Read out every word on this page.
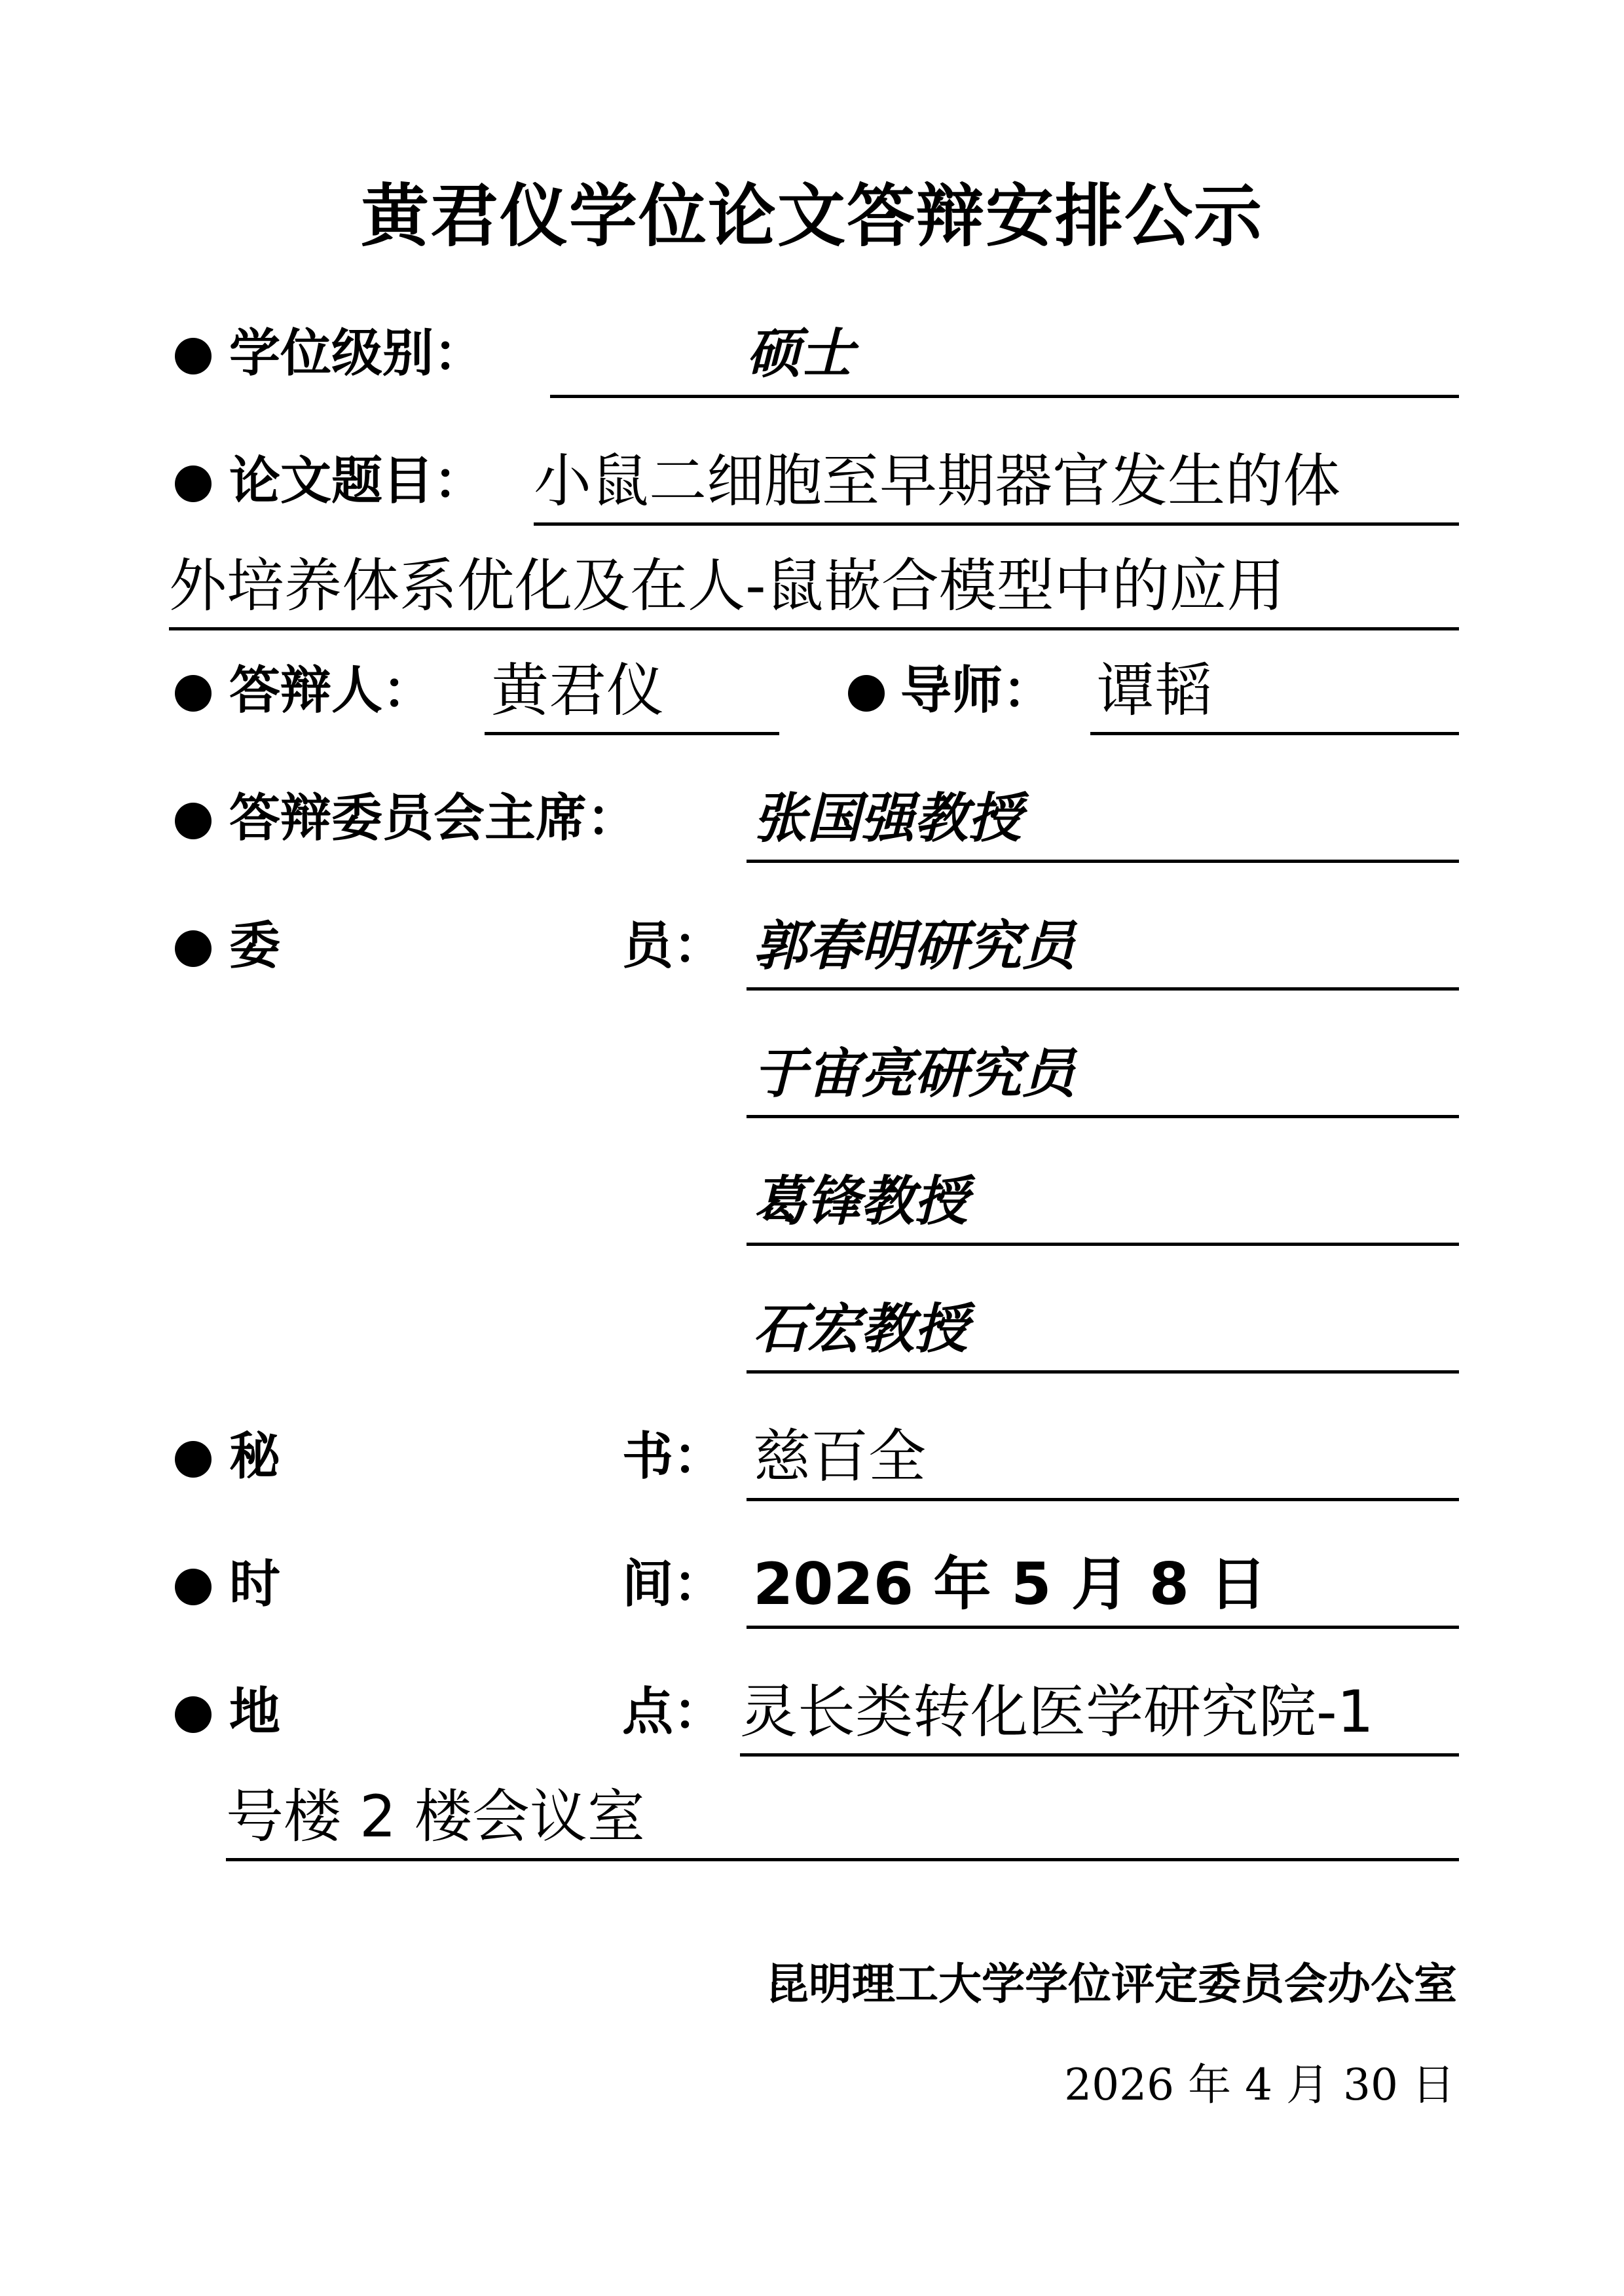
黄君仪学位论文答辩安排公示
学位级别：	硕士
论文题目： 小鼠二细胞至早期器官发生的体
外培养体系优化及在人-鼠嵌合模型中的应用
答辩人： 黄君仪	导师： 谭韬
答辩委员会主席： 张国强教授
委	员： 郭春明研究员
于宙亮研究员
葛锋教授
石宏教授
秘	书： 慈百全
时	间： 2026 年 5 月 8 日
地	点： 灵长类转化医学研究院-1
号楼 2 楼会议室
昆明理工大学学位评定委员会办公室
2026 年 4 月 30 日
